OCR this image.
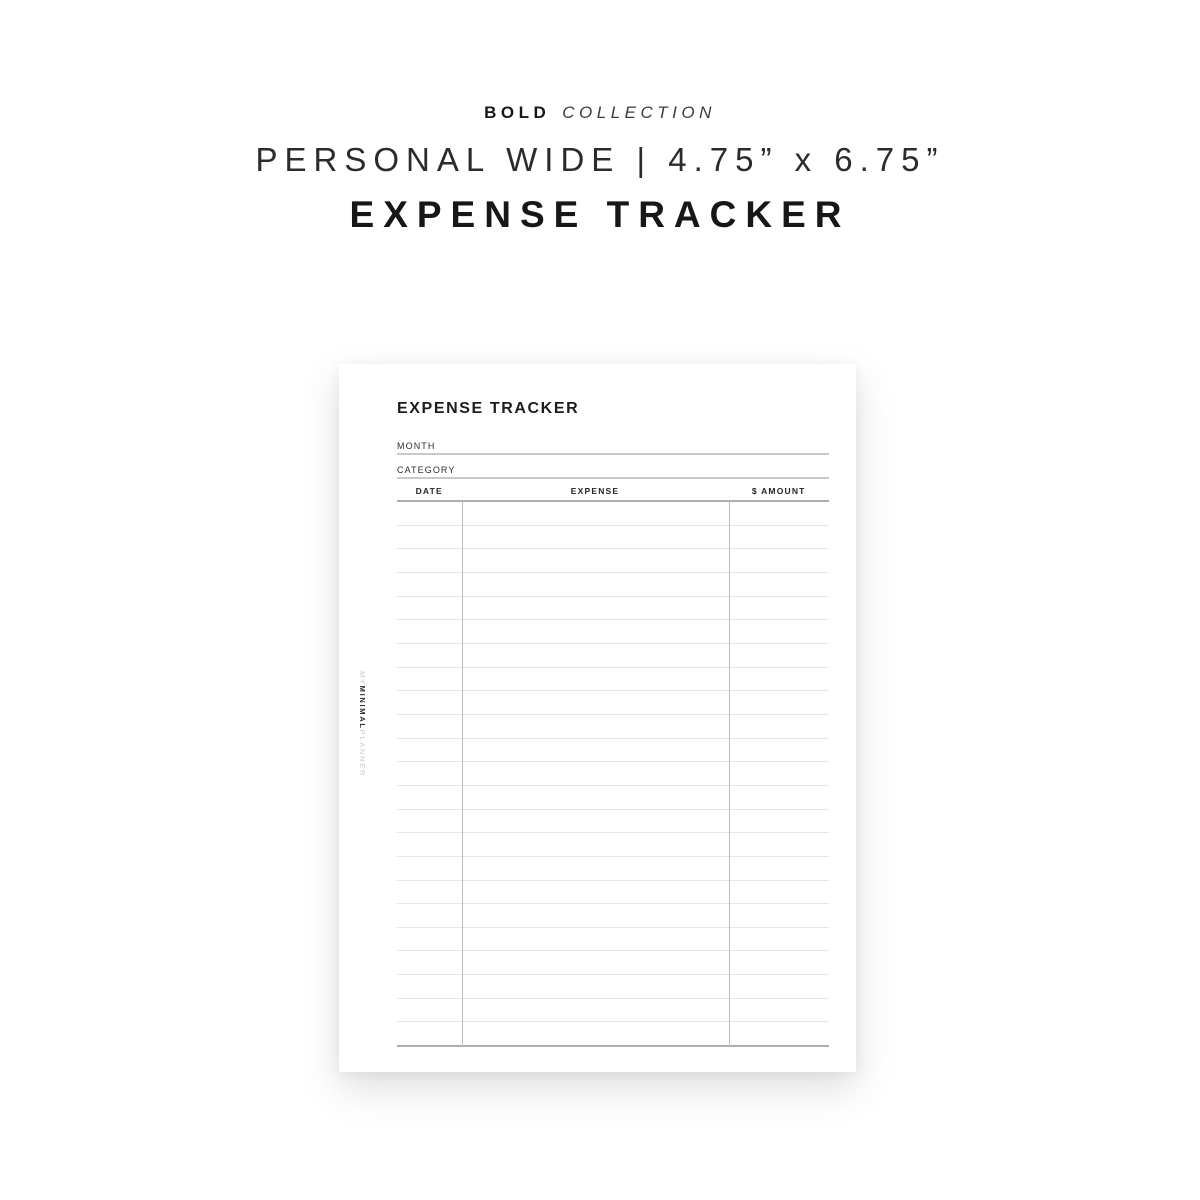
BOLD COLLECTION
PERSONAL WIDE | 4.75” x 6.75”
EXPENSE TRACKER
EXPENSE TRACKER
MONTH
CATEGORY
DATE	EXPENSE	$ AMOUNT
MYMINIMALPLANNER
